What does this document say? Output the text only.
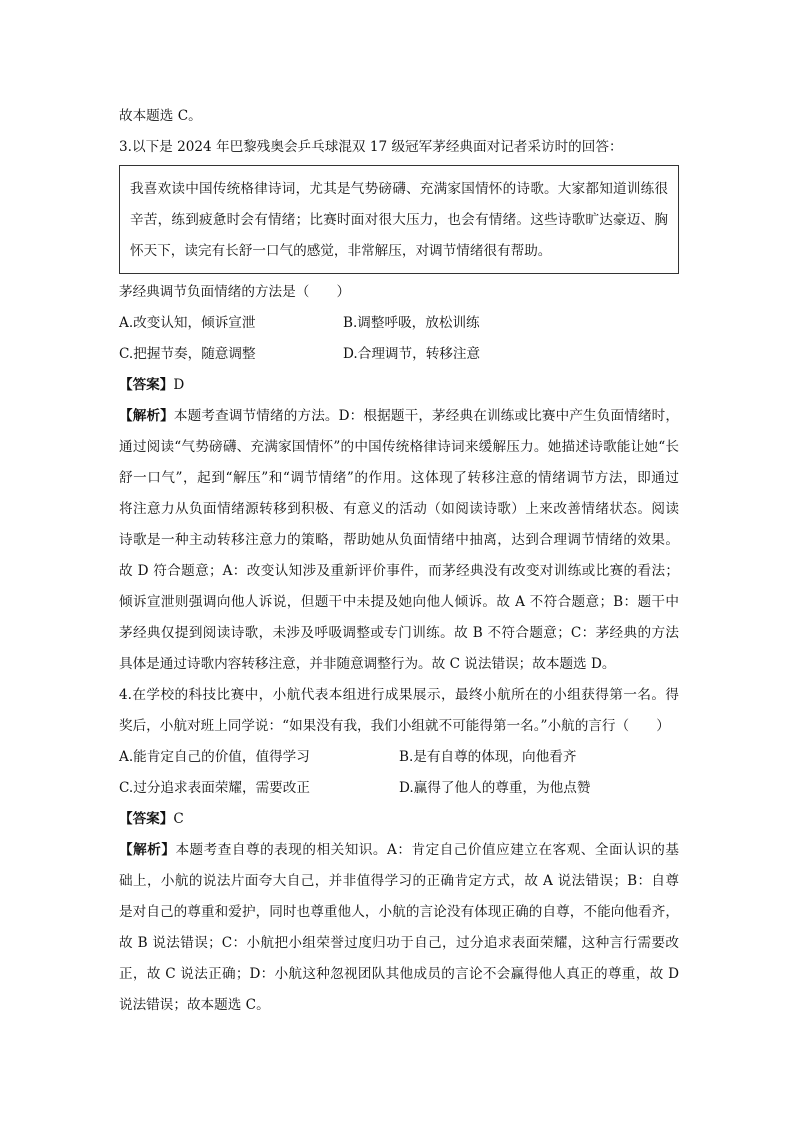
故本题选 C。
3.以下是 2024 年巴黎残奥会乒乓球混双 17 级冠军茅经典面对记者采访时的回答：
我喜欢读中国传统格律诗词，尤其是气势磅礴、充满家国情怀的诗歌。大家都知道训练很
辛苦，练到疲惫时会有情绪；比赛时面对很大压力，也会有情绪。这些诗歌旷达豪迈、胸
怀天下，读完有长舒一口气的感觉，非常解压，对调节情绪很有帮助。
茅经典调节负面情绪的方法是（　　）
A.改变认知，倾诉宣泄	B.调整呼吸，放松训练
C.把握节奏，随意调整	D.合理调节，转移注意
【答案】D
【解析】本题考查调节情绪的方法。D：根据题干，茅经典在训练或比赛中产生负面情绪时，
通过阅读“气势磅礴、充满家国情怀”的中国传统格律诗词来缓解压力。她描述诗歌能让她“长
舒一口气”，起到“解压”和“调节情绪”的作用。这体现了转移注意的情绪调节方法，即通过
将注意力从负面情绪源转移到积极、有意义的活动（如阅读诗歌）上来改善情绪状态。阅读
诗歌是一种主动转移注意力的策略，帮助她从负面情绪中抽离，达到合理调节情绪的效果。
故 D 符合题意；A：改变认知涉及重新评价事件，而茅经典没有改变对训练或比赛的看法；
倾诉宣泄则强调向他人诉说，但题干中未提及她向他人倾诉。故 A 不符合题意；B：题干中
茅经典仅提到阅读诗歌，未涉及呼吸调整或专门训练。故 B 不符合题意；C：茅经典的方法
具体是通过诗歌内容转移注意，并非随意调整行为。故 C 说法错误；故本题选 D。
4.在学校的科技比赛中，小航代表本组进行成果展示，最终小航所在的小组获得第一名。得
奖后，小航对班上同学说：“如果没有我，我们小组就不可能得第一名。”小航的言行（　　）
A.能肯定自己的价值，值得学习	B.是有自尊的体现，向他看齐
C.过分追求表面荣耀，需要改正	D.赢得了他人的尊重，为他点赞
【答案】C
【解析】本题考查自尊的表现的相关知识。A：肯定自己价值应建立在客观、全面认识的基
础上，小航的说法片面夸大自己，并非值得学习的正确肯定方式，故 A 说法错误；B：自尊
是对自己的尊重和爱护，同时也尊重他人，小航的言论没有体现正确的自尊，不能向他看齐，
故 B 说法错误；C：小航把小组荣誉过度归功于自己，过分追求表面荣耀，这种言行需要改
正，故 C 说法正确；D：小航这种忽视团队其他成员的言论不会赢得他人真正的尊重，故 D
说法错误；故本题选 C。
